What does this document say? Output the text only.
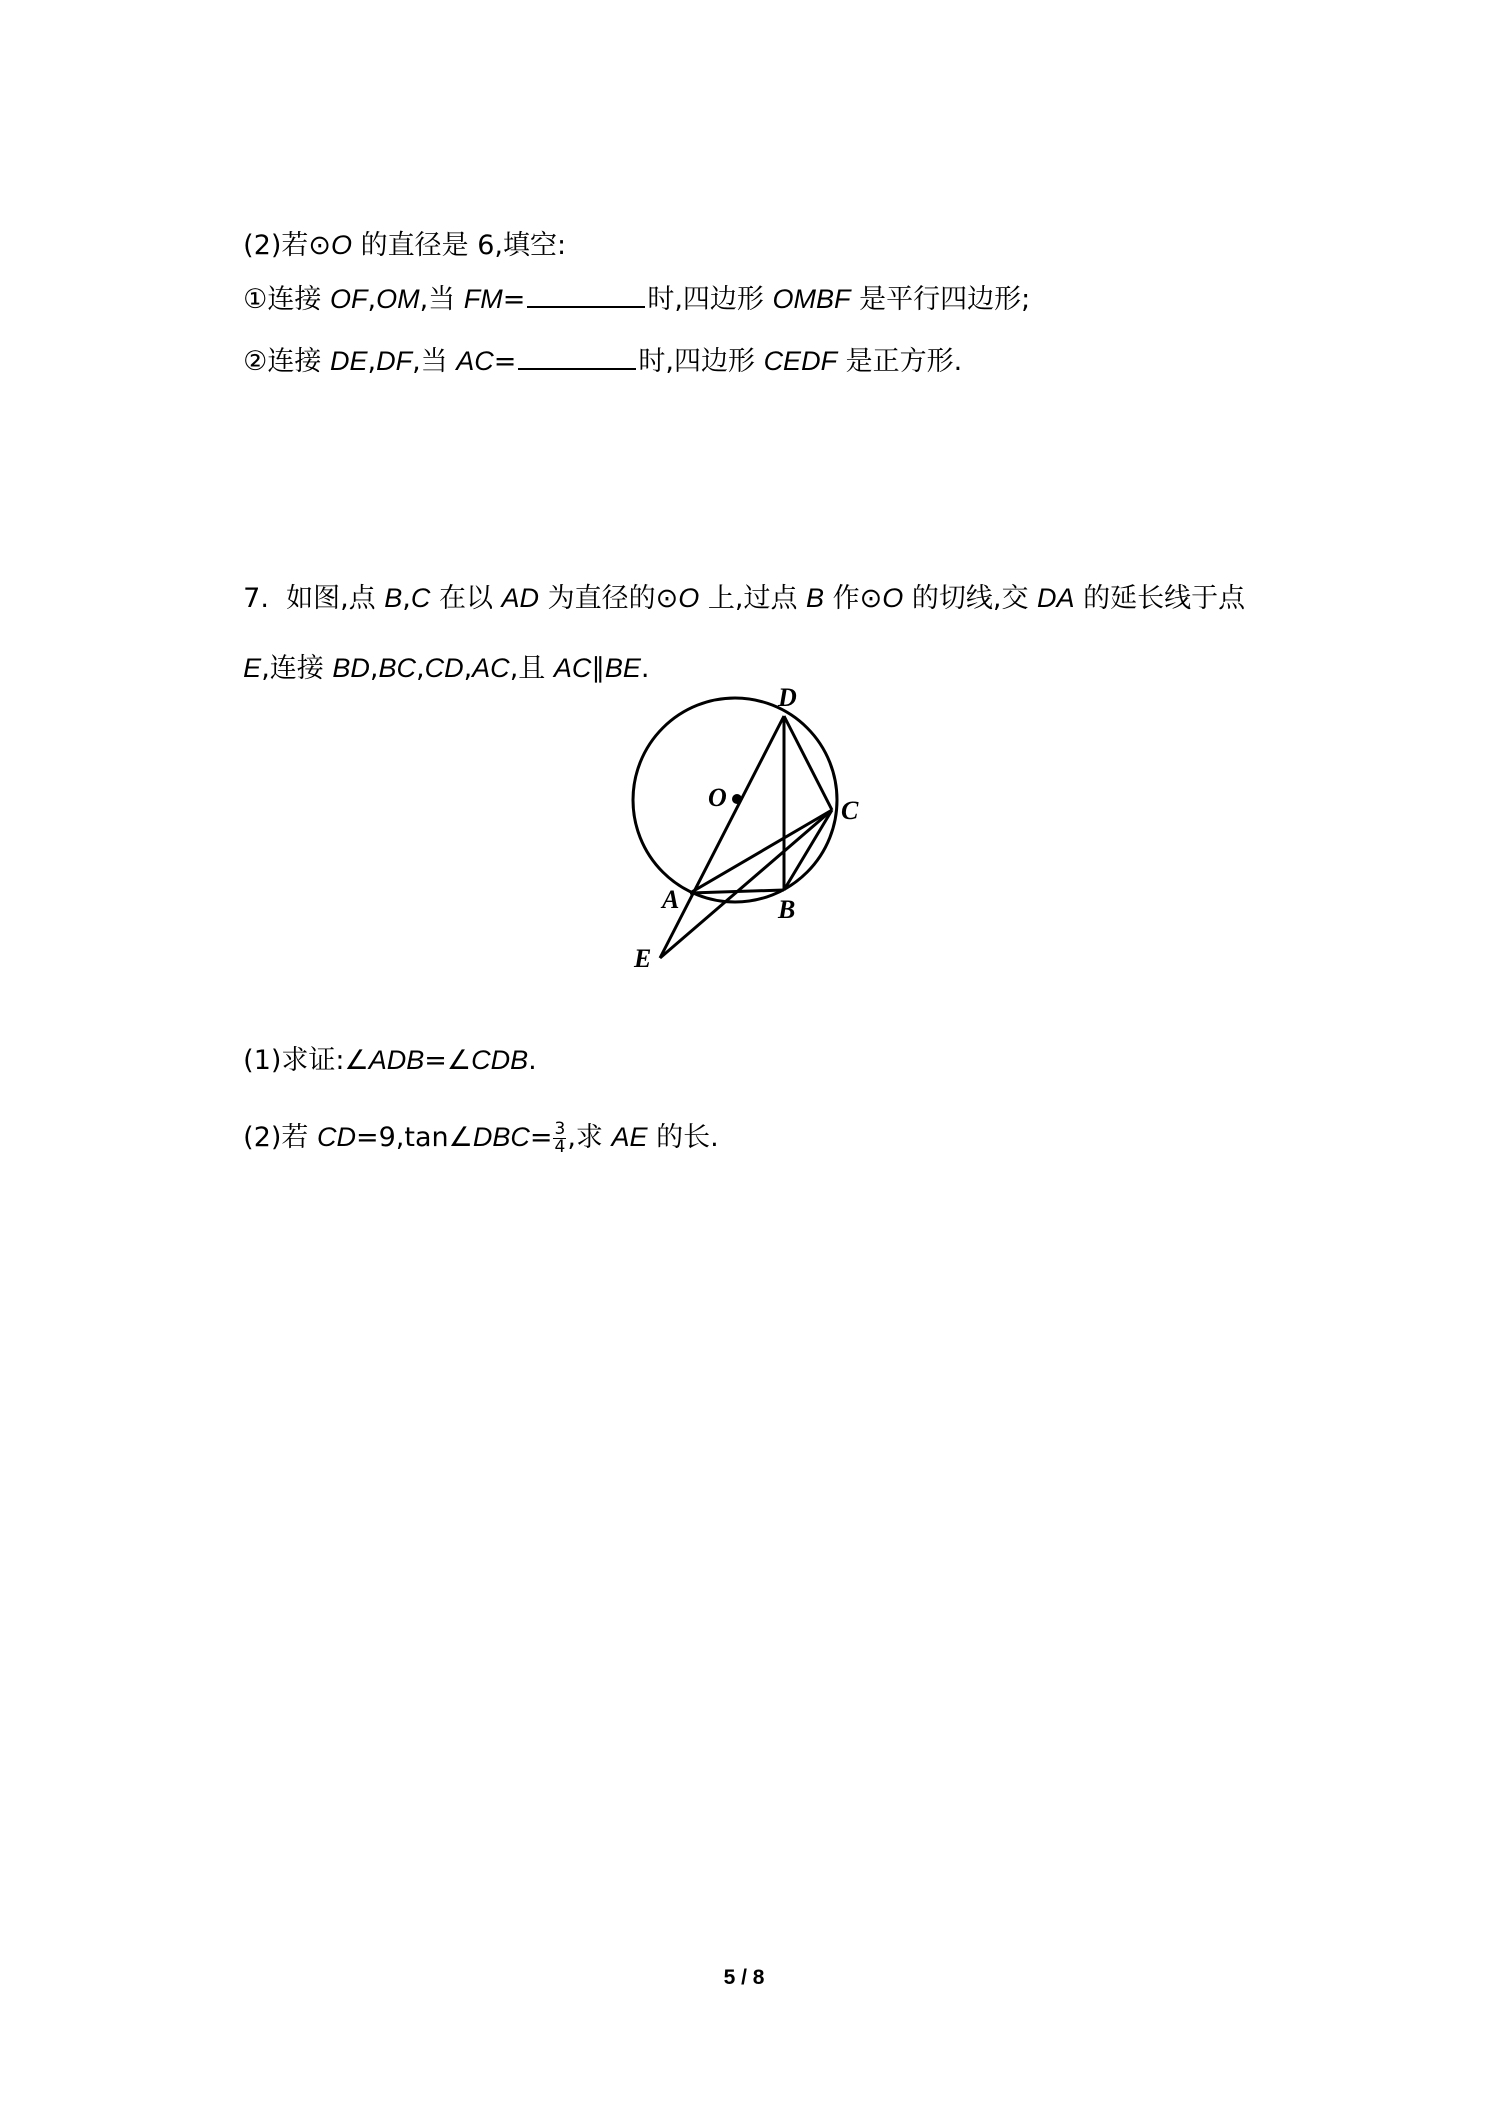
(2)若⊙O 的直径是 6,填空:

①连接 OF,OM,当 FM=	时,四边形 OMBF 是平行四边形;

②连接 DE,DF,当 AC=	时,四边形 CEDF 是正方形.

7.  如图,点 B,C 在以 AD 为直径的⊙O 上,过点 B 作⊙O 的切线,交 DA 的延长线于点

E,连接 BD,BC,CD,AC,且 AC∥BE.

D
O	C
A	B
E

(1)求证:∠ADB=∠CDB.

(2)若 CD=9,tan∠DBC= $\frac{3}{4}$ ,求 AE 的长.

5 / 8
